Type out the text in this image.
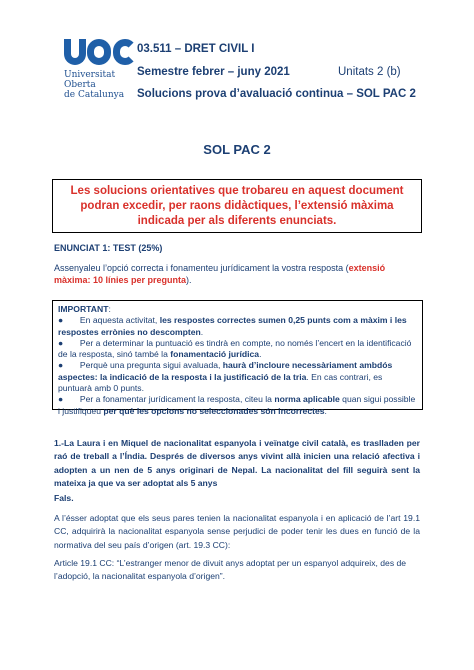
Universitat
Oberta
de Catalunya
03.511 – DRET CIVIL I
Semestre febrer – juny 2021	Unitats 2 (b)
Solucions prova d’avaluació continua – SOL PAC 2
SOL PAC 2
Les solucions orientatives que trobareu en aquest document podran excedir, per raons didàctiques, l’extensió màxima indicada per als diferents enunciats.
ENUNCIAT 1: TEST (25%)
Assenyaleu l’opció correcta i fonamenteu jurídicament la vostra resposta (extensió màxima: 10 línies per pregunta).

IMPORTANT:

● En aquesta activitat, les respostes correctes sumen 0,25 punts com a màxim i les respostes errònies no descompten.

● Per a determinar la puntuació es tindrà en compte, no només l’encert en la identificació de la resposta, sinó també la fonamentació jurídica.

● Perquè una pregunta sigui avaluada, haurà d’incloure necessàriament ambdós aspectes: la indicació de la resposta i la justificació de la tria. En cas contrari, es puntuarà amb 0 punts.

● Per a fonamentar jurídicament la resposta, citeu la norma aplicable quan sigui possible i justifiqueu per què les opcions no seleccionades són incorrectes.

1.-La Laura i en Miquel de nacionalitat espanyola i veïnatge civil català, es traslladen per raó de treball a l’Índia. Després de diversos anys vivint allà inicien una relació afectiva i adopten a un nen de 5 anys originari de Nepal. La nacionalitat del fill seguirà sent la mateixa ja que va ser adoptat als 5 anys
Fals.
A l’ésser adoptat que els seus pares tenien la nacionalitat espanyola i en aplicació de l’art 19.1 CC, adquirirà la nacionalitat espanyola sense perjudici de poder tenir les dues en funció de la normativa del seu país d’origen (art. 19.3 CC):
Article 19.1 CC: “L’estranger menor de divuit anys adoptat per un espanyol adquireix, des de l’adopció, la nacionalitat espanyola d’origen”.
